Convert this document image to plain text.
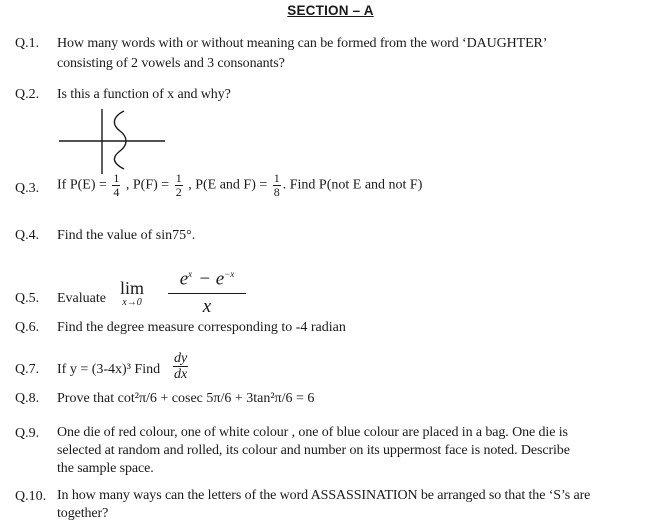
SECTION – A
Q.1. How many words with or without meaning can be formed from the word ‘DAUGHTER’
consisting of 2 vowels and 3 consonants?
Q.2. Is this a function of x and why?
Q.3. If $P(E) = \frac{1}{4}$ , $P(F) = \frac{1}{2}$ , P(E and $F) = \frac{1}{8}$ . Find P(not E and not F)
Q.4. Find the value of sin75°.
Q.5. Evaluate
lim
x→0	$\frac{e^x - e^{-x}}{x}$
Q.6. Find the degree measure corresponding to -4 radian
Q.7. If y = (3-4x)³ Find $\frac{dy}{dx}$
Q.8. Prove that cot²π/6 + cosec 5π/6 + 3tan²π/6 = 6
Q.9. One die of red colour, one of white colour , one of blue colour are placed in a bag. One die is
selected at random and rolled, its colour and number on its uppermost face is noted. Describe
the sample space.
Q.10. In how many ways can the letters of the word ASSASSINATION be arranged so that the ‘S’s are
together?
